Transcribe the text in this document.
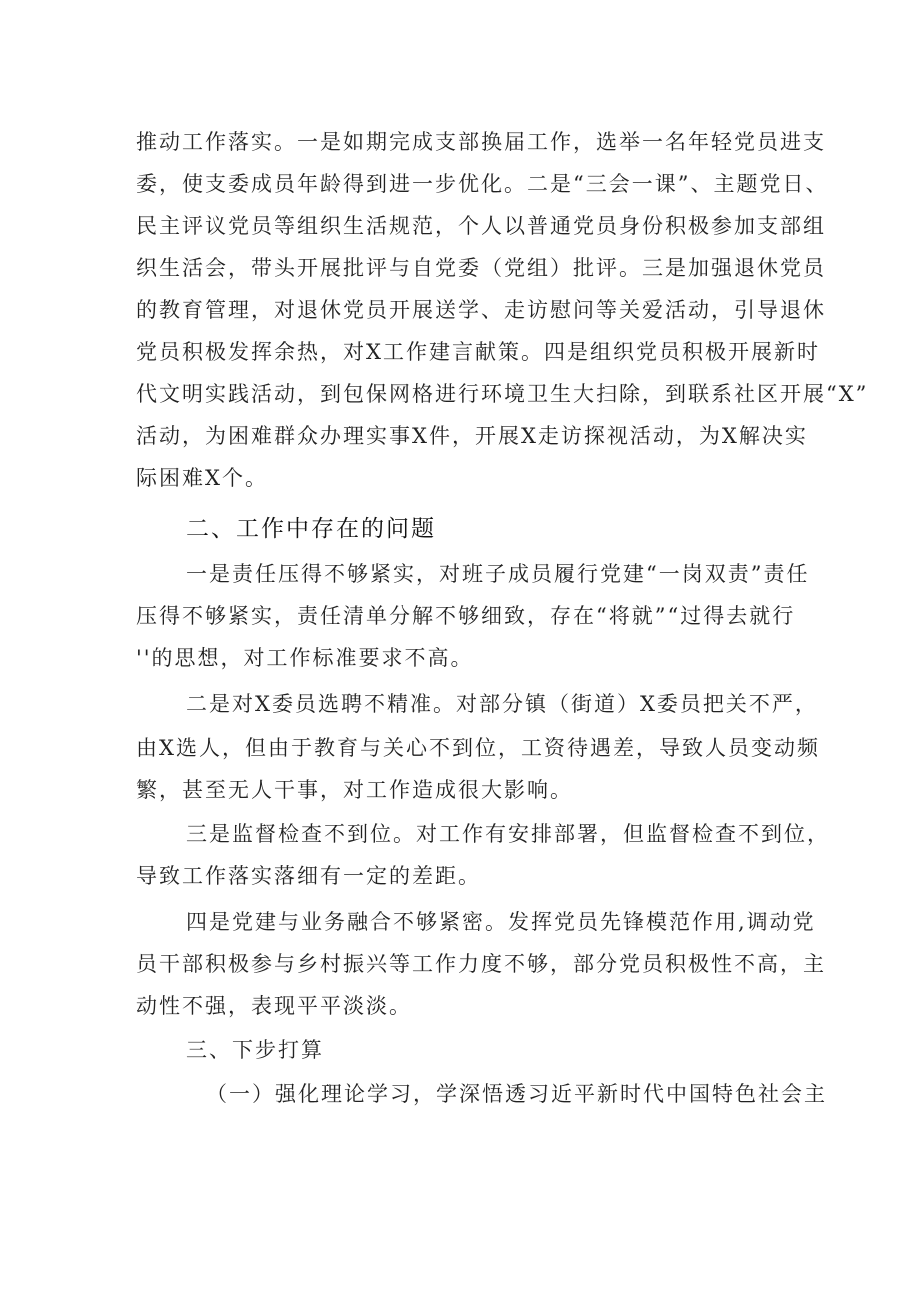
推动工作落实。一是如期完成支部换届工作，选举一名年轻党员进支
委，使支委成员年龄得到进一步优化。二是“三会一课”、主题党日、
民主评议党员等组织生活规范，个人以普通党员身份积极参加支部组
织生活会，带头开展批评与自党委（党组）批评。三是加强退休党员
的教育管理，对退休党员开展送学、走访慰问等关爱活动，引导退休
党员积极发挥余热，对X工作建言献策。四是组织党员积极开展新时
代文明实践活动，到包保网格进行环境卫生大扫除，到联系社区开展“X”
活动，为困难群众办理实事X件，开展X走访探视活动，为X解决实
际困难X个。
二、工作中存在的问题
一是责任压得不够紧实，对班子成员履行党建“一岗双责”责任
压得不够紧实，责任清单分解不够细致，存在“将就”“过得去就行
''的思想，对工作标准要求不高。
二是对X委员选聘不精准。对部分镇（街道）X委员把关不严，
由X选人，但由于教育与关心不到位，工资待遇差，导致人员变动频
繁，甚至无人干事，对工作造成很大影响。
三是监督检查不到位。对工作有安排部署，但监督检查不到位，
导致工作落实落细有一定的差距。
四是党建与业务融合不够紧密。发挥党员先锋模范作用,调动党
员干部积极参与乡村振兴等工作力度不够，部分党员积极性不高，主
动性不强，表现平平淡淡。
三、下步打算
（一）强化理论学习，学深悟透习近平新时代中国特色社会主
